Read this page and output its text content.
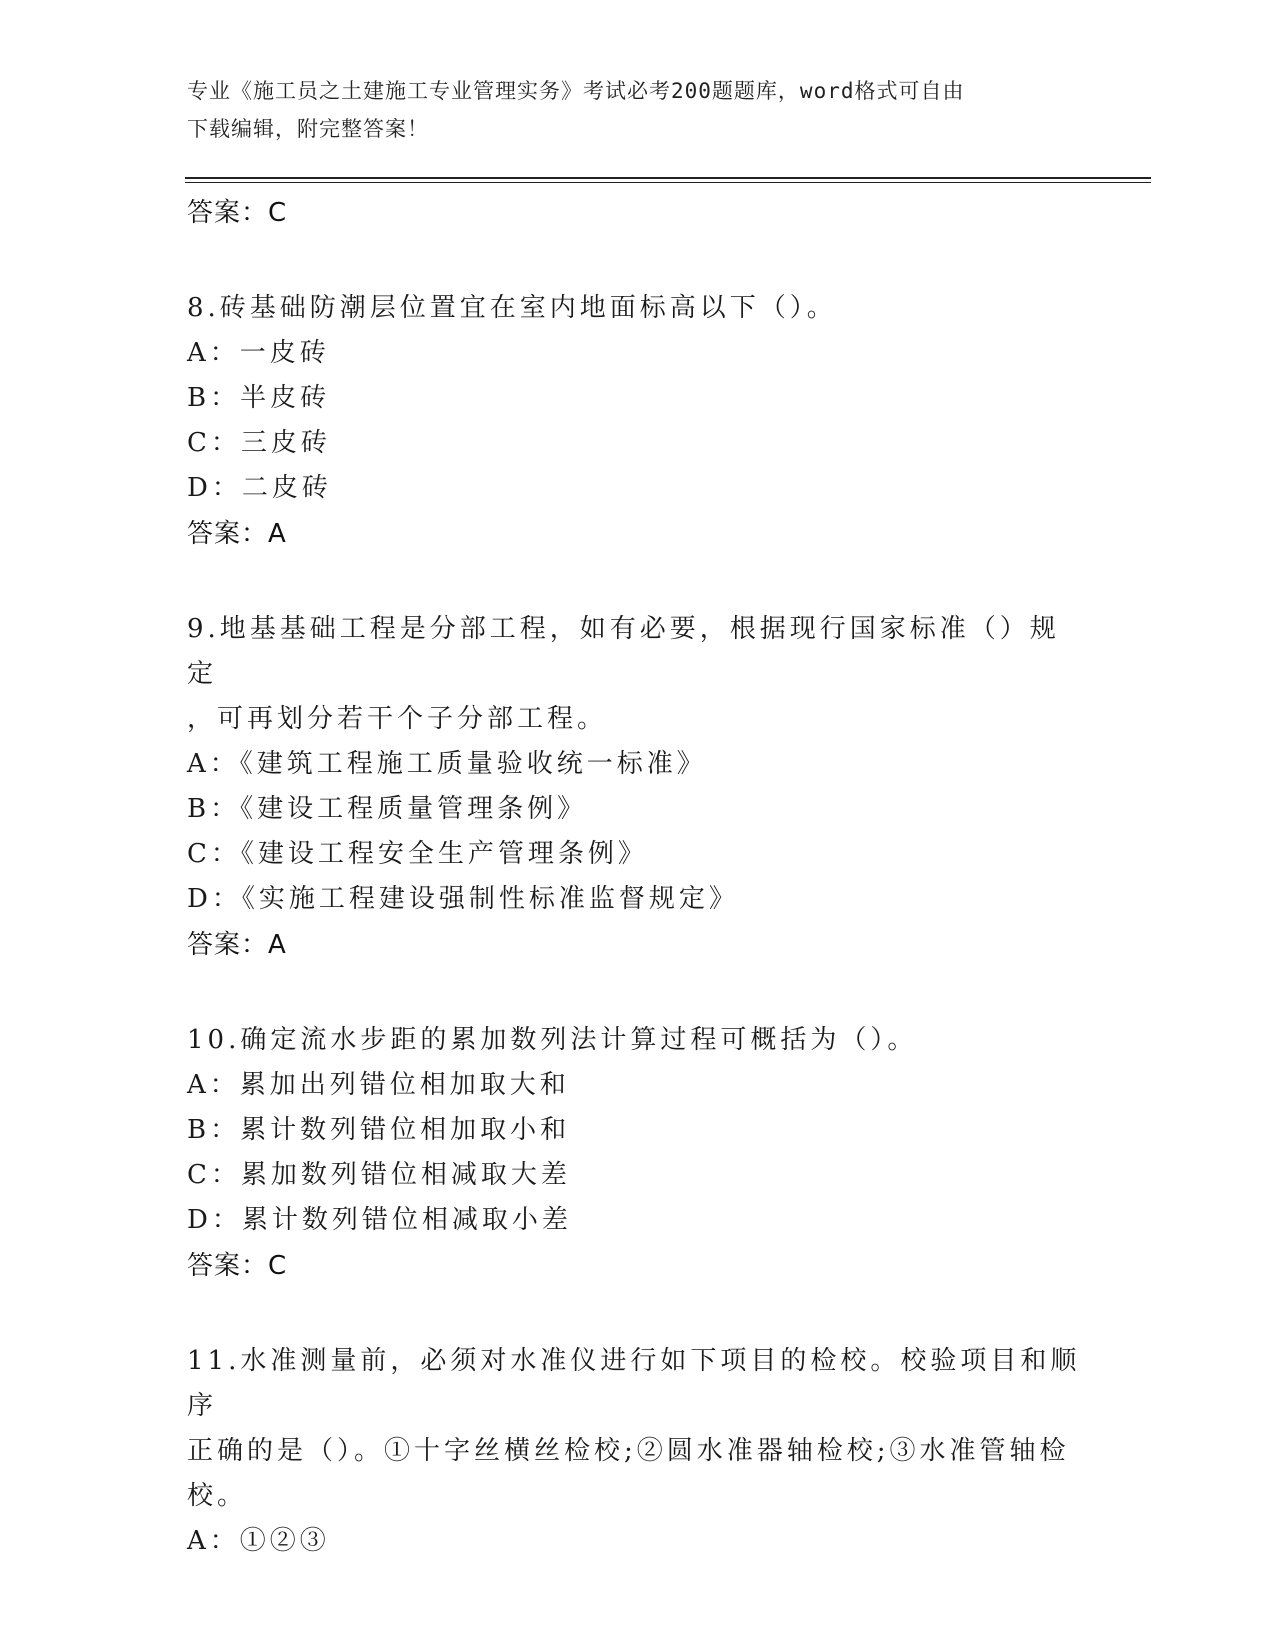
专业《施工员之土建施工专业管理实务》考试必考200题题库，word格式可自由
下载编辑，附完整答案！
答案：C
8.砖基础防潮层位置宜在室内地面标高以下（）。
A：一皮砖
B：半皮砖
C：三皮砖
D：二皮砖
答案：A
9.地基基础工程是分部工程，如有必要，根据现行国家标准（）规定
，可再划分若干个子分部工程。
A：《建筑工程施工质量验收统一标准》
B：《建设工程质量管理条例》
C：《建设工程安全生产管理条例》
D：《实施工程建设强制性标准监督规定》
答案：A
10.确定流水步距的累加数列法计算过程可概括为（）。
A：累加出列错位相加取大和
B：累计数列错位相加取小和
C：累加数列错位相减取大差
D：累计数列错位相减取小差
答案：C
11.水准测量前，必须对水准仪进行如下项目的检校。校验项目和顺序
正确的是（）。①十字丝横丝检校;②圆水准器轴检校;③水准管轴检
校。
A：①②③
